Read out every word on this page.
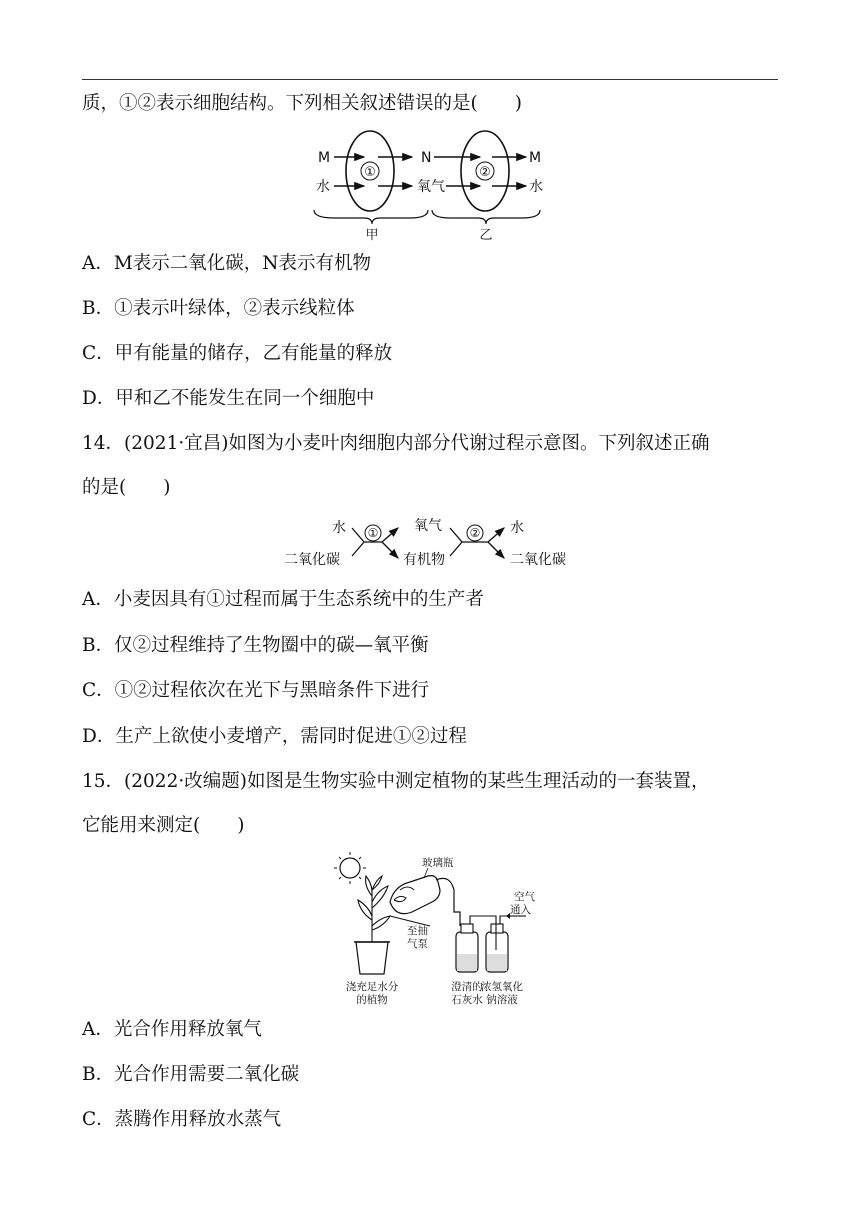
质，①②表示细胞结构。下列相关叙述错误的是(　　)
①	②
M
水
N
氧气
M
水
甲	乙
A．M表示二氧化碳，N表示有机物
B．①表示叶绿体，②表示线粒体
C．甲有能量的储存，乙有能量的释放
D．甲和乙不能发生在同一个细胞中
14．(2021·宜昌)如图为小麦叶肉细胞内部分代谢过程示意图。下列叙述正确
的是(　　)
水
二氧化碳
①	氧气
有机物
② 水
二氧化碳
A．小麦因具有①过程而属于生态系统中的生产者
B．仅②过程维持了生物圈中的碳—氧平衡
C．①②过程依次在光下与黑暗条件下进行
D．生产上欲使小麦增产，需同时促进①②过程
15．(2022·改编题)如图是生物实验中测定植物的某些生理活动的一套装置，
它能用来测定(　　)
玻璃瓶
至抽
气泵
空气
通入
浇充足水分
的植物
澄清的
石灰水
浓氢氧化
钠溶液
A．光合作用释放氧气
B．光合作用需要二氧化碳
C．蒸腾作用释放水蒸气
